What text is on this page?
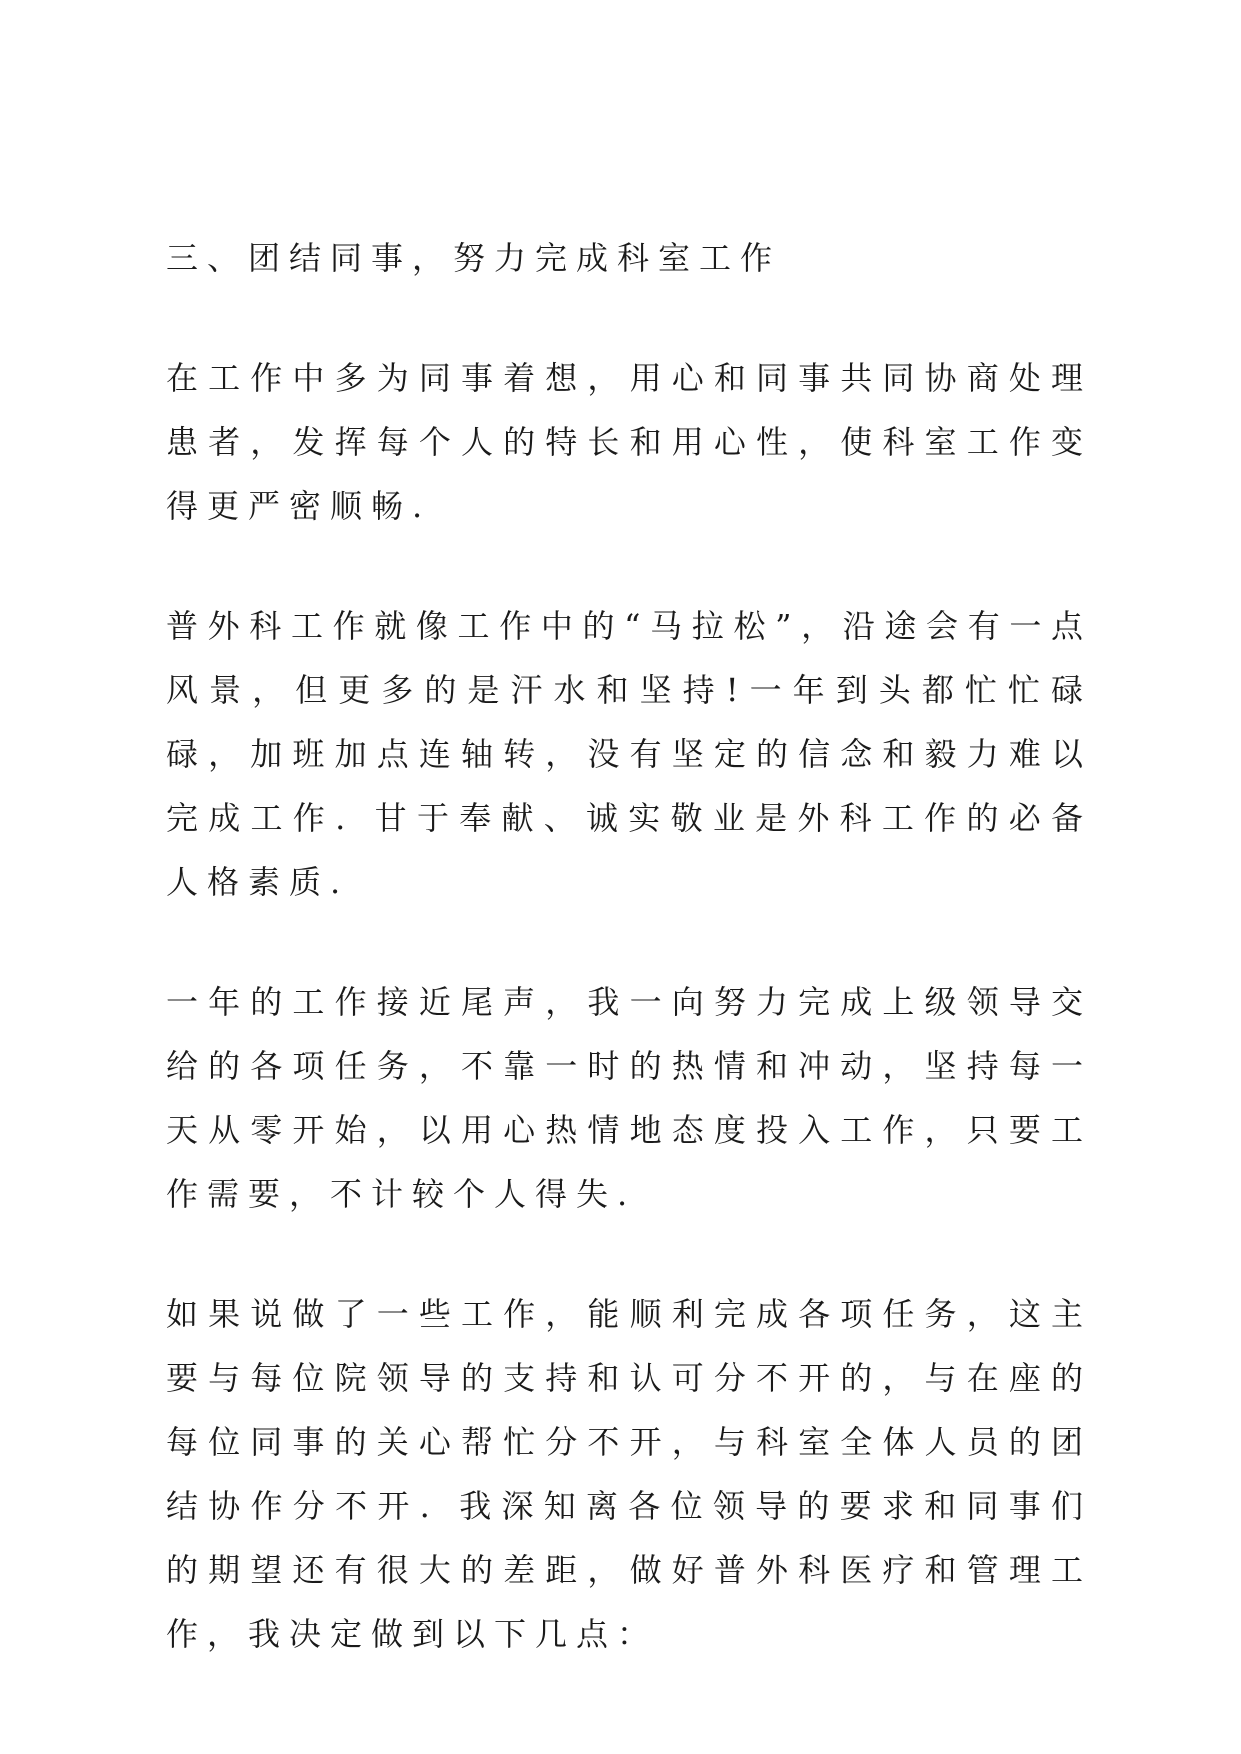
三、团结同事，努力完成科室工作

在工作中多为同事着想，用心和同事共同协商处理患者，发挥每个人的特长和用心性，使科室工作变得更严密顺畅.

普外科工作就像工作中的“马拉松”，沿途会有一点风景，但更多的是汗水和坚持!一年到头都忙忙碌碌，加班加点连轴转，没有坚定的信念和毅力难以完成工作. 甘于奉献、诚实敬业是外科工作的必备人格素质.

一年的工作接近尾声，我一向努力完成上级领导交给的各项任务，不靠一时的热情和冲动，坚持每一天从零开始，以用心热情地态度投入工作，只要工作需要，不计较个人得失.

如果说做了一些工作，能顺利完成各项任务，这主要与每位院领导的支持和认可分不开的，与在座的每位同事的关心帮忙分不开，与科室全体人员的团结协作分不开. 我深知离各位领导的要求和同事们的期望还有很大的差距，做好普外科医疗和管理工作，我决定做到以下几点：
